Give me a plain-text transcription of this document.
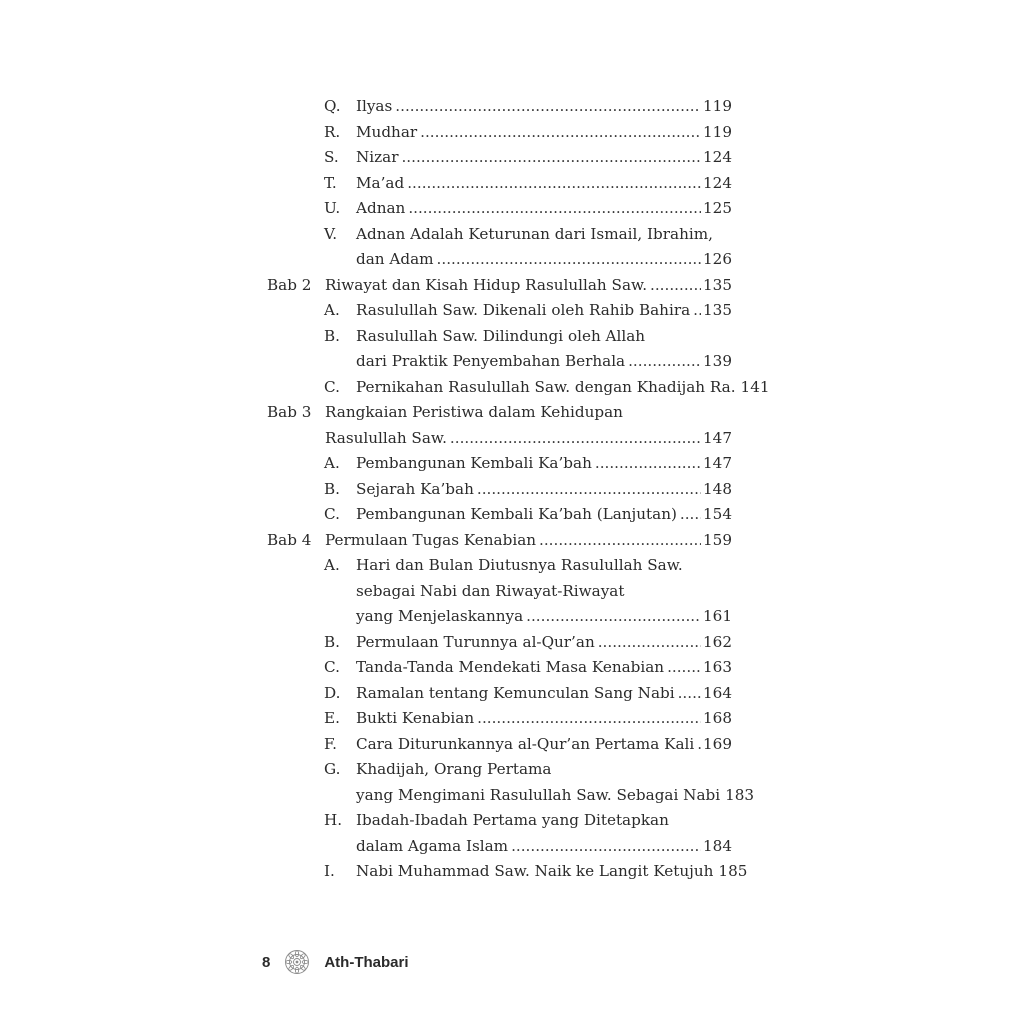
Q. Ilyas .....	119
R. Mudhar .....	119
S. Nizar .....	124
T. Ma’ad .....	124
U. Adnan .....	125
V. Adnan Adalah Keturunan dari Ismail, Ibrahim,
dan Adam .....	126
Bab 2 Riwayat dan Kisah Hidup Rasulullah Saw. .....	135
A. Rasulullah Saw. Dikenali oleh Rahib Bahira ..... 135
B. Rasulullah Saw. Dilindungi oleh Allah
dari Praktik Penyembahan Berhala .....	139
C. Pernikahan Rasulullah Saw. dengan Khadijah Ra. 141
Bab 3 Rangkaian Peristiwa dalam Kehidupan
Rasulullah Saw. .....	147
A. Pembangunan Kembali Ka’bah .....	147
B. Sejarah Ka’bah .....	148
C. Pembangunan Kembali Ka’bah (Lanjutan) ..... 154
Bab 4 Permulaan Tugas Kenabian .....	159
A. Hari dan Bulan Diutusnya Rasulullah Saw.
sebagai Nabi dan Riwayat-Riwayat
yang Menjelaskannya .....	161
B. Permulaan Turunnya al-Qur’an .....	162
C. Tanda-Tanda Mendekati Masa Kenabian .....	163
D. Ramalan tentang Kemunculan Sang Nabi ..... 164
E. Bukti Kenabian .....	168
F. Cara Diturunkannya al-Qur’an Pertama Kali ..... 169
G. Khadijah, Orang Pertama
yang Mengimani Rasulullah Saw. Sebagai Nabi 183
H. Ibadah-Ibadah Pertama yang Ditetapkan
dalam Agama Islam .....	184
I. Nabi Muhammad Saw. Naik ke Langit Ketujuh 185
8	Ath-Thabari
